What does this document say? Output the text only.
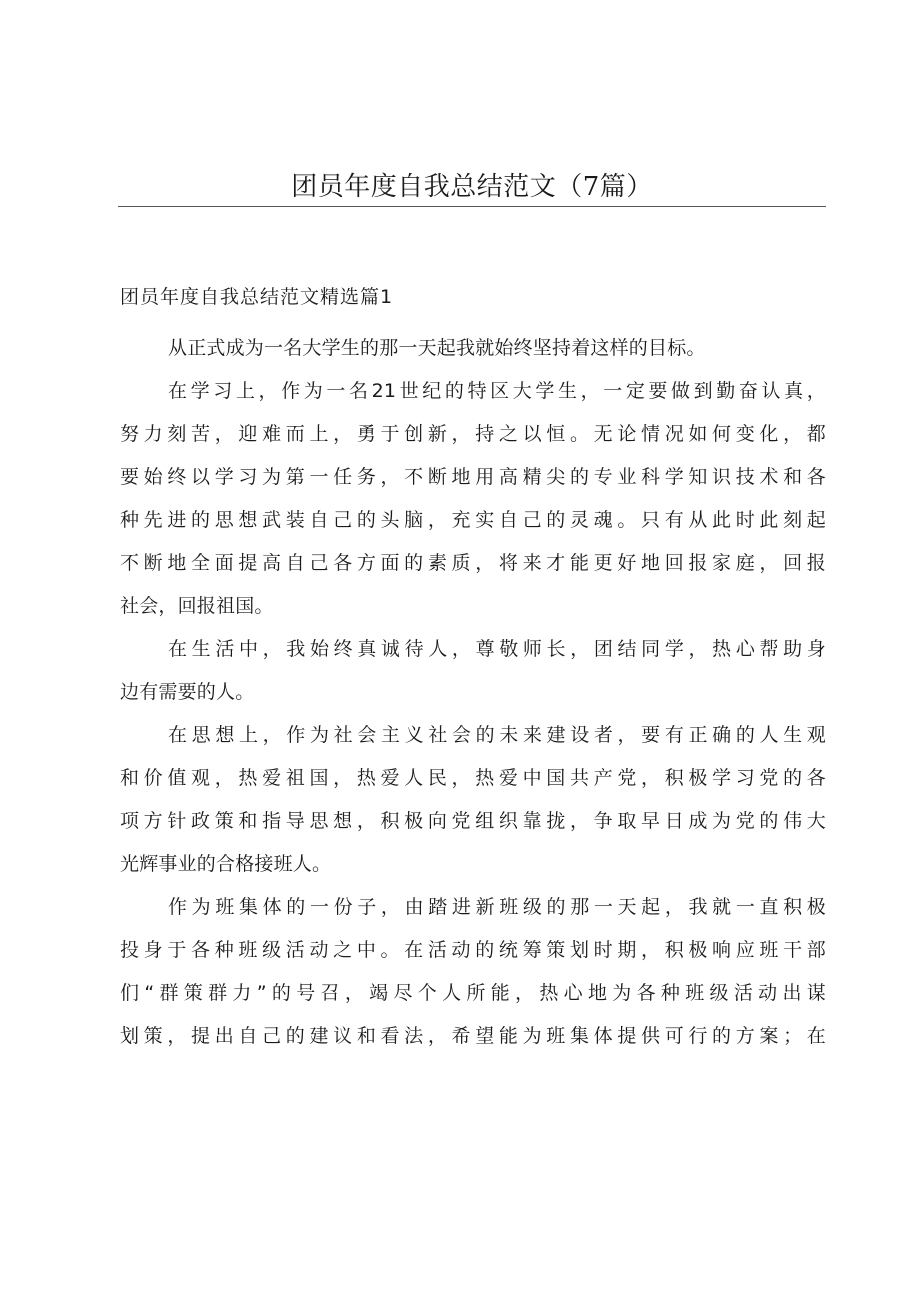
团员年度自我总结范文（7篇）
团员年度自我总结范文精选篇1
从正式成为一名大学生的那一天起我就始终坚持着这样的目标。
在学习上，作为一名21世纪的特区大学生，一定要做到勤奋认真，
努力刻苦，迎难而上，勇于创新，持之以恒。无论情况如何变化，都
要始终以学习为第一任务，不断地用高精尖的专业科学知识技术和各
种先进的思想武装自己的头脑，充实自己的灵魂。只有从此时此刻起
不断地全面提高自己各方面的素质，将来才能更好地回报家庭，回报
社会，回报祖国。
在生活中，我始终真诚待人，尊敬师长，团结同学，热心帮助身
边有需要的人。
在思想上，作为社会主义社会的未来建设者，要有正确的人生观
和价值观，热爱祖国，热爱人民，热爱中国共产党，积极学习党的各
项方针政策和指导思想，积极向党组织靠拢，争取早日成为党的伟大
光辉事业的合格接班人。
作为班集体的一份子，由踏进新班级的那一天起，我就一直积极
投身于各种班级活动之中。在活动的统筹策划时期，积极响应班干部
们“群策群力”的号召，竭尽个人所能，热心地为各种班级活动出谋
划策，提出自己的建议和看法，希望能为班集体提供可行的方案；在
